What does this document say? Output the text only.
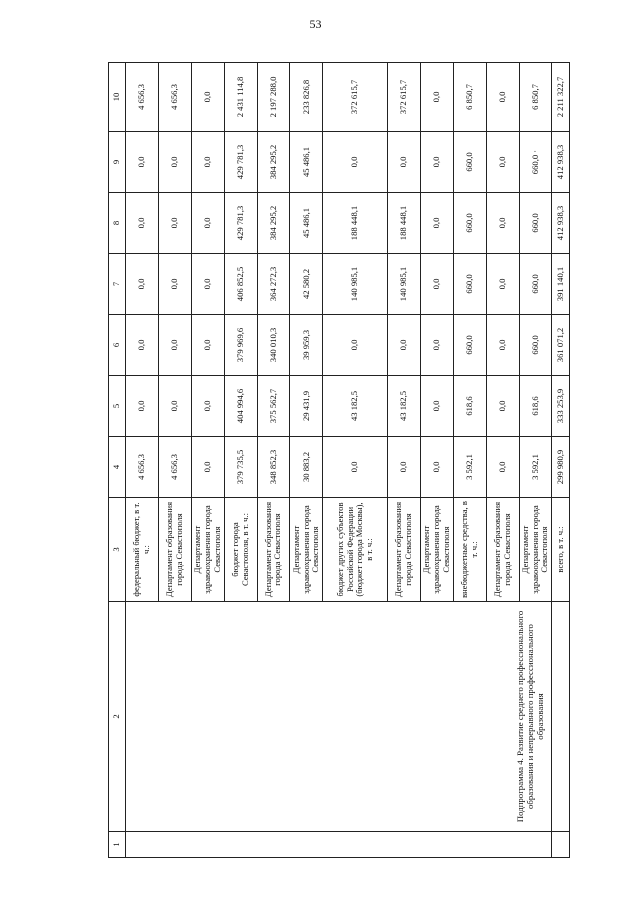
53
1	2	3	4	5	6	7	8	9	10
	Подпрограмма 4. Развитие среднего профессионального образования и непрерывного профессионального образования	федеральный бюджет, в т. ч.:	4 656,3	0,0	0,0	0,0	0,0	0,0	4 656,3
		Департамент образования города Севастополя	4 656,3	0,0	0,0	0,0	0,0	0,0	4 656,3
		Департамент здравоохранения города Севастополя	0,0	0,0	0,0	0,0	0,0	0,0	0,0
		бюджет города Севастополя, в т. ч.:	379 735,5	404 994,6	379 969,6	406 852,5	429 781,3	429 781,3	2 431 114,8
		Департамент образования города Севастополя	348 852,3	375 562,7	340 010,3	364 272,3	384 295,2	384 295,2	2 197 288,0
		Департамент здравоохранения города Севастополя	30 883,2	29 431,9	39 959,3	42 580,2	45 486,1	45 486,1	233 826,8
		бюджет других субъектов Российской Федерации (бюджет города Москвы), в т. ч.:	0,0	43 182,5	0,0	140 985,1	188 448,1	0,0	372 615,7
		Департамент образования города Севастополя	0,0	43 182,5	0,0	140 985,1	188 448,1	0,0	372 615,7
		Департамент здравоохранения города Севастополя	0,0	0,0	0,0	0,0	0,0	0,0	0,0
		внебюджетные средства, в т. ч.:	3 592,1	618,6	660,0	660,0	660,0	660,0	6 850,7
		Департамент образования города Севастополя	0,0	0,0	0,0	0,0	0,0	0,0	0,0
		Департамент здравоохранения города Севастополя	3 592,1	618,6	660,0	660,0	660,0	660,0 ·	6 850,7
		всего, в т. ч.:	299 980,9	333 253,9	361 071,2	391 140,1	412 938,3	412 938,3	2 211 322,7
